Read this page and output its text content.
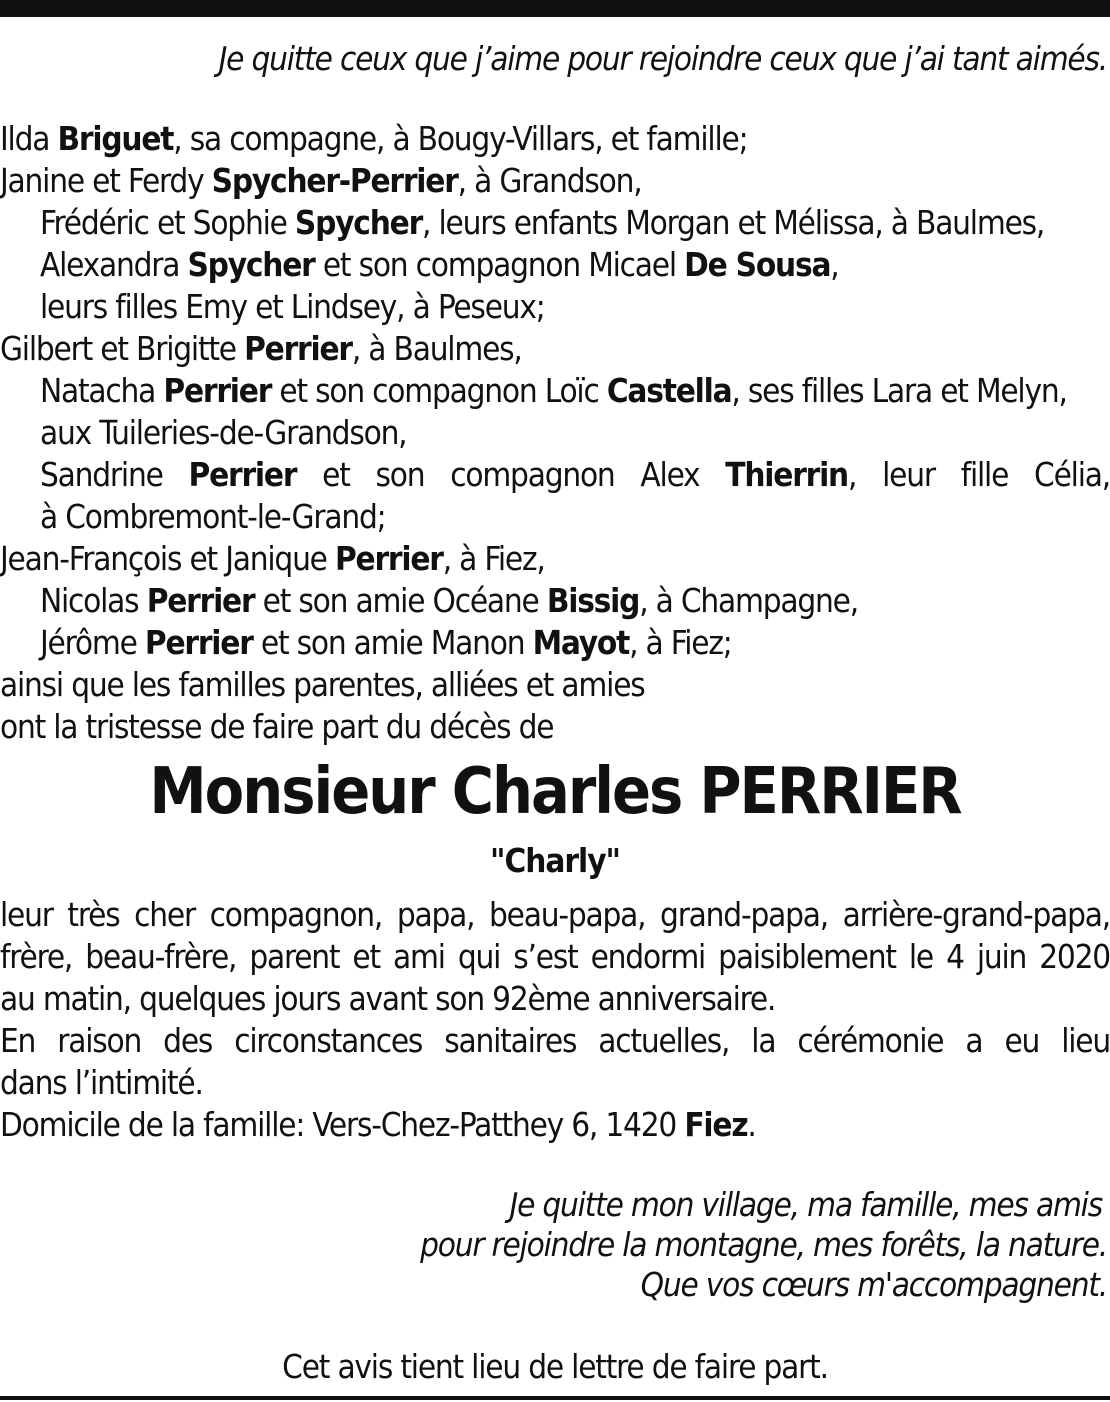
Je quitte ceux que j’aime pour rejoindre ceux que j’ai tant aimés.
Ilda Briguet, sa compagne, à Bougy-Villars, et famille;
Janine et Ferdy Spycher-Perrier, à Grandson,
Frédéric et Sophie Spycher, leurs enfants Morgan et Mélissa, à Baulmes,
Alexandra Spycher et son compagnon Micael De Sousa,
leurs filles Emy et Lindsey, à Peseux;
Gilbert et Brigitte Perrier, à Baulmes,
Natacha Perrier et son compagnon Loïc Castella, ses filles Lara et Melyn,
aux Tuileries-de-Grandson,
Sandrine Perrier et son compagnon Alex Thierrin, leur fille Célia,
à Combremont-le-Grand;
Jean-François et Janique Perrier, à Fiez,
Nicolas Perrier et son amie Océane Bissig, à Champagne,
Jérôme Perrier et son amie Manon Mayot, à Fiez;
ainsi que les familles parentes, alliées et amies
ont la tristesse de faire part du décès de
Monsieur Charles PERRIER
"Charly"
leur très cher compagnon, papa, beau-papa, grand-papa, arrière-grand-papa,
frère, beau-frère, parent et ami qui s’est endormi paisiblement le 4 juin 2020
au matin, quelques jours avant son 92ème anniversaire.
En raison des circonstances sanitaires actuelles, la cérémonie a eu lieu
dans l’intimité.
Domicile de la famille: Vers-Chez-Patthey 6, 1420 Fiez.
Je quitte mon village, ma famille, mes amis
pour rejoindre la montagne, mes forêts, la nature.
Que vos cœurs m'accompagnent.
Cet avis tient lieu de lettre de faire part.
